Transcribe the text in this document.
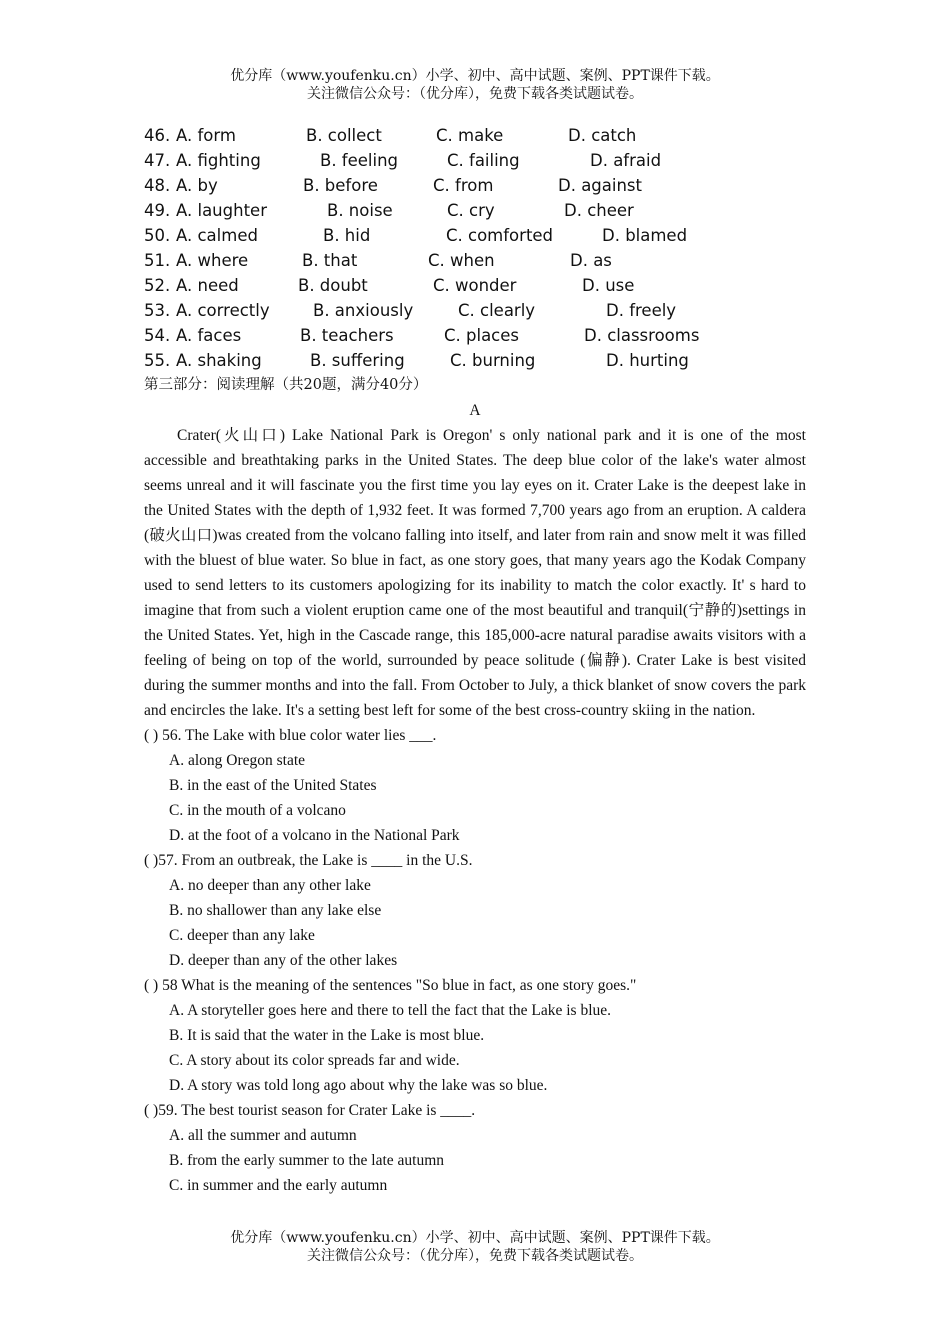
优分库（www.youfenku.cn）小学、初中、高中试题、案例、PPT课件下载。
关注微信公众号：（优分库），免费下载各类试题试卷。
46. A. form	B. collect	C. make	D. catch
47. A. fighting	B. feeling	C. failing	D. afraid
48. A. by	B. before	C. from	D. against
49. A. laughter	B. noise	C. cry	D. cheer
50. A. calmed	B. hid	C. comforted	D. blamed
51. A. where	B. that	C. when	D. as
52. A. need	B. doubt	C. wonder	D. use
53. A. correctly	B. anxiously	C. clearly	D. freely
54. A. faces	B. teachers	C. places	D. classrooms
55. A. shaking	B. suffering	C. burning	D. hurting
第三部分：阅读理解（共20题，满分40分）
A

Crater(火山口) Lake National Park is Oregon' s only national park and it is one of the most accessible and breathtaking parks in the United States. The deep blue color of the lake's water almost seems unreal and it will fascinate you the first time you lay eyes on it. Crater Lake is the deepest lake in the United States with the depth of 1,932 feet. It was formed 7,700 years ago from an eruption. A caldera (破火山口)was created from the volcano falling into itself, and later from rain and snow melt it was filled with the bluest of blue water. So blue in fact, as one story goes, that many years ago the Kodak Company used to send letters to its customers apologizing for its inability to match the color exactly. It' s hard to imagine that from such a violent eruption came one of the most beautiful and tranquil(宁静的)settings in the United States. Yet, high in the Cascade range, this 185,000-acre natural paradise awaits visitors with a feeling of being on top of the world, surrounded by peace solitude (偏静). Crater Lake is best visited during the summer months and into the fall. From October to July, a thick blanket of snow covers the park and encircles the lake. It's a setting best left for some of the best cross-country skiing in the nation.

( ) 56. The Lake with blue color water lies ___.
A. along Oregon state
B. in the east of the United States
C. in the mouth of a volcano
D. at the foot of a volcano in the National Park
( )57. From an outbreak, the Lake is ____ in the U.S.
A. no deeper than any other lake
B. no shallower than any lake else
C. deeper than any lake
D. deeper than any of the other lakes
( ) 58 What is the meaning of the sentences "So blue in fact, as one story goes."
A. A storyteller goes here and there to tell the fact that the Lake is blue.
B. It is said that the water in the Lake is most blue.
C. A story about its color spreads far and wide.
D. A story was told long ago about why the lake was so blue.
( )59. The best tourist season for Crater Lake is ____.
A. all the summer and autumn
B. from the early summer to the late autumn
C. in summer and the early autumn
优分库（www.youfenku.cn）小学、初中、高中试题、案例、PPT课件下载。
关注微信公众号：（优分库），免费下载各类试题试卷。
